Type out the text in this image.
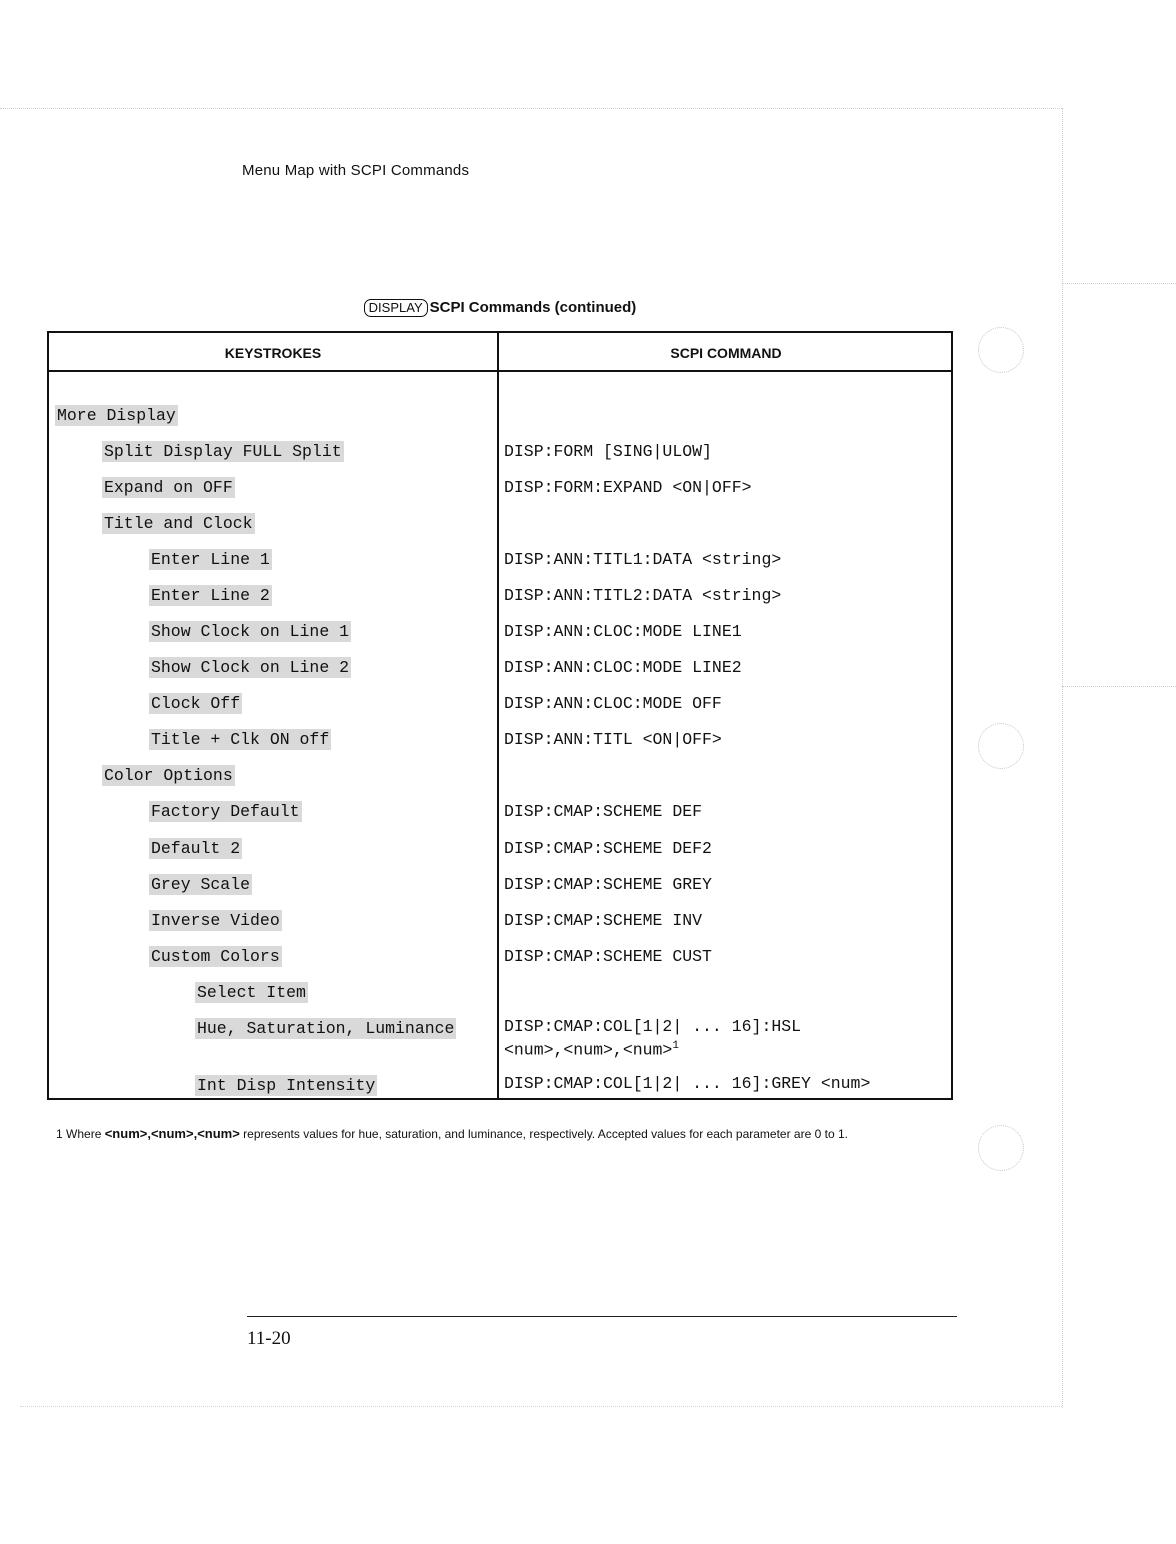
Menu Map with SCPI Commands
DISPLAY SCPI Commands (continued)
KEYSTROKES	SCPI COMMAND
More Display
Split Display FULL Split	DISP:FORM [SING|ULOW]
Expand on OFF	DISP:FORM:EXPAND <ON|OFF>
Title and Clock
Enter Line 1	DISP:ANN:TITL1:DATA <string>
Enter Line 2	DISP:ANN:TITL2:DATA <string>
Show Clock on Line 1	DISP:ANN:CLOC:MODE LINE1
Show Clock on Line 2	DISP:ANN:CLOC:MODE LINE2
Clock Off	DISP:ANN:CLOC:MODE OFF
Title + Clk ON off	DISP:ANN:TITL <ON|OFF>
Color Options
Factory Default	DISP:CMAP:SCHEME DEF
Default 2	DISP:CMAP:SCHEME DEF2
Grey Scale	DISP:CMAP:SCHEME GREY
Inverse Video	DISP:CMAP:SCHEME INV
Custom Colors	DISP:CMAP:SCHEME CUST
Select Item
Hue, Saturation, Luminance	DISP:CMAP:COL[1|2| ... 16]:HSL
<num>,<num>,<num>$^1$
Int Disp Intensity	DISP:CMAP:COL[1|2| ... 16]:GREY <num>
1 Where <num>,<num>,<num> represents values for hue, saturation, and luminance, respectively. Accepted values for each parameter are 0 to 1.
11-20
